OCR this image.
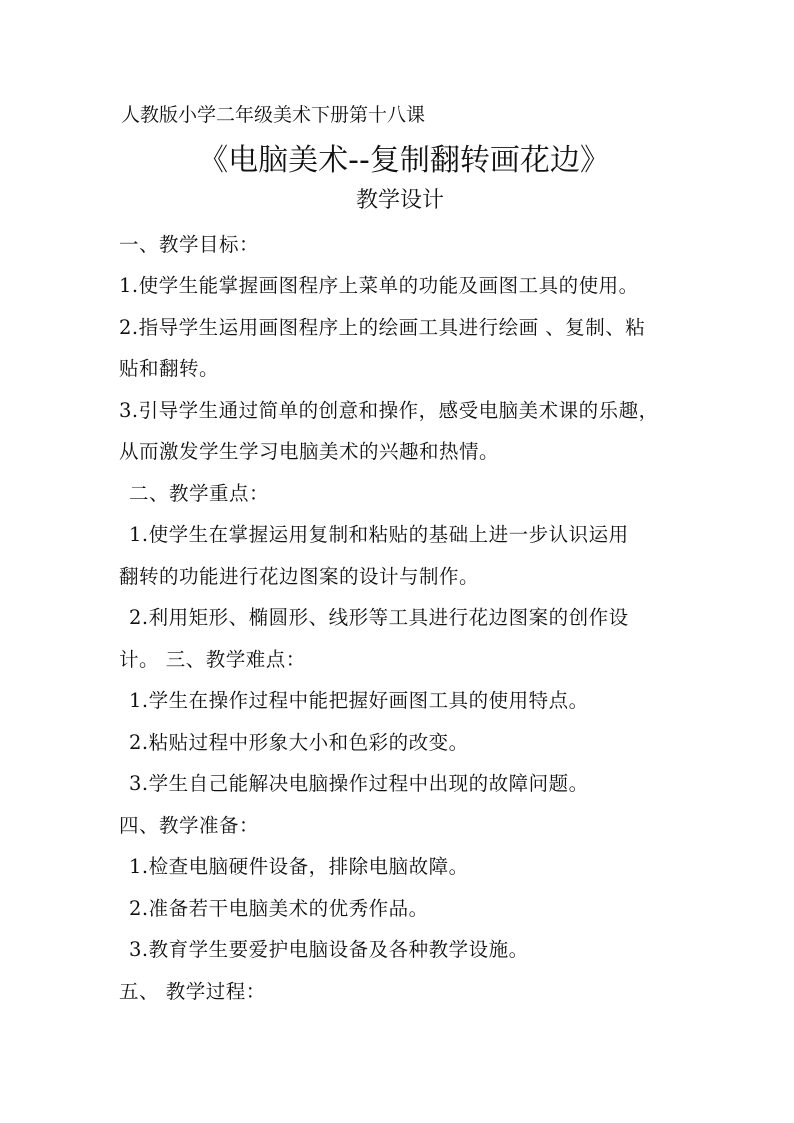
人教版小学二年级美术下册第十八课
《电脑美术--复制翻转画花边》
教学设计
一、教学目标：
1.使学生能掌握画图程序上菜单的功能及画图工具的使用。
2.指导学生运用画图程序上的绘画工具进行绘画 、复制、粘
贴和翻转。
3.引导学生通过简单的创意和操作，感受电脑美术课的乐趣，
从而激发学生学习电脑美术的兴趣和热情。
二、教学重点：
1.使学生在掌握运用复制和粘贴的基础上进一步认识运用
翻转的功能进行花边图案的设计与制作。
2.利用矩形、椭圆形、线形等工具进行花边图案的创作设
计。 三、教学难点：
1.学生在操作过程中能把握好画图工具的使用特点。
2.粘贴过程中形象大小和色彩的改变。
3.学生自己能解决电脑操作过程中出现的故障问题。
四、教学准备：
1.检查电脑硬件设备，排除电脑故障。
2.准备若干电脑美术的优秀作品。
3.教育学生要爱护电脑设备及各种教学设施。
五、 教学过程：
